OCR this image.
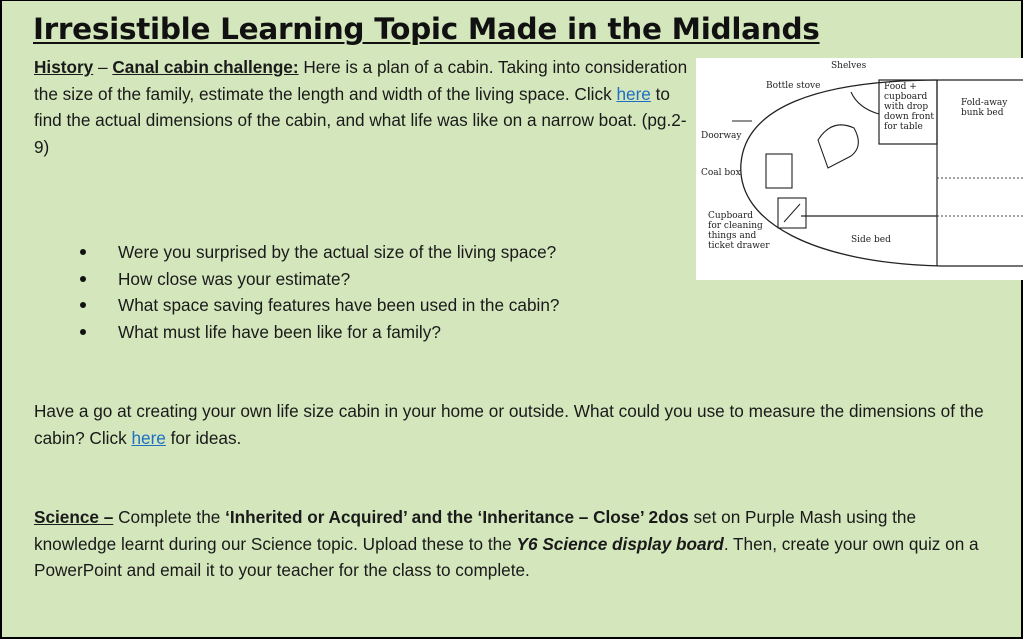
Irresistible Learning Topic Made in the Midlands

History – Canal cabin challenge: Here is a plan of a cabin. Taking into consideration the size of the family, estimate the length and width of the living space. Click here to find the actual dimensions of the cabin, and what life was like on a narrow boat. (pg.2-9)

Were you surprised by the actual size of the living space?
How close was your estimate?
What space saving features have been used in the cabin?
What must life have been like for a family?

Have a go at creating your own life size cabin in your home or outside. What could you use to measure the dimensions of the cabin? Click here for ideas.

Science – Complete the ‘Inherited or Acquired’ and the ‘Inheritance – Close’ 2dos set on Purple Mash using the knowledge learnt during our Science topic. Upload these to the Y6 Science display board. Then, create your own quiz on a PowerPoint and email it to your teacher for the class to complete.

Shelves
Bottle stove	Food +
cupboard
with drop
down front
for table
Fold-away
bunk bed
Doorway
Coal box
Cupboard
for cleaning
things and
ticket drawer
Side bed
